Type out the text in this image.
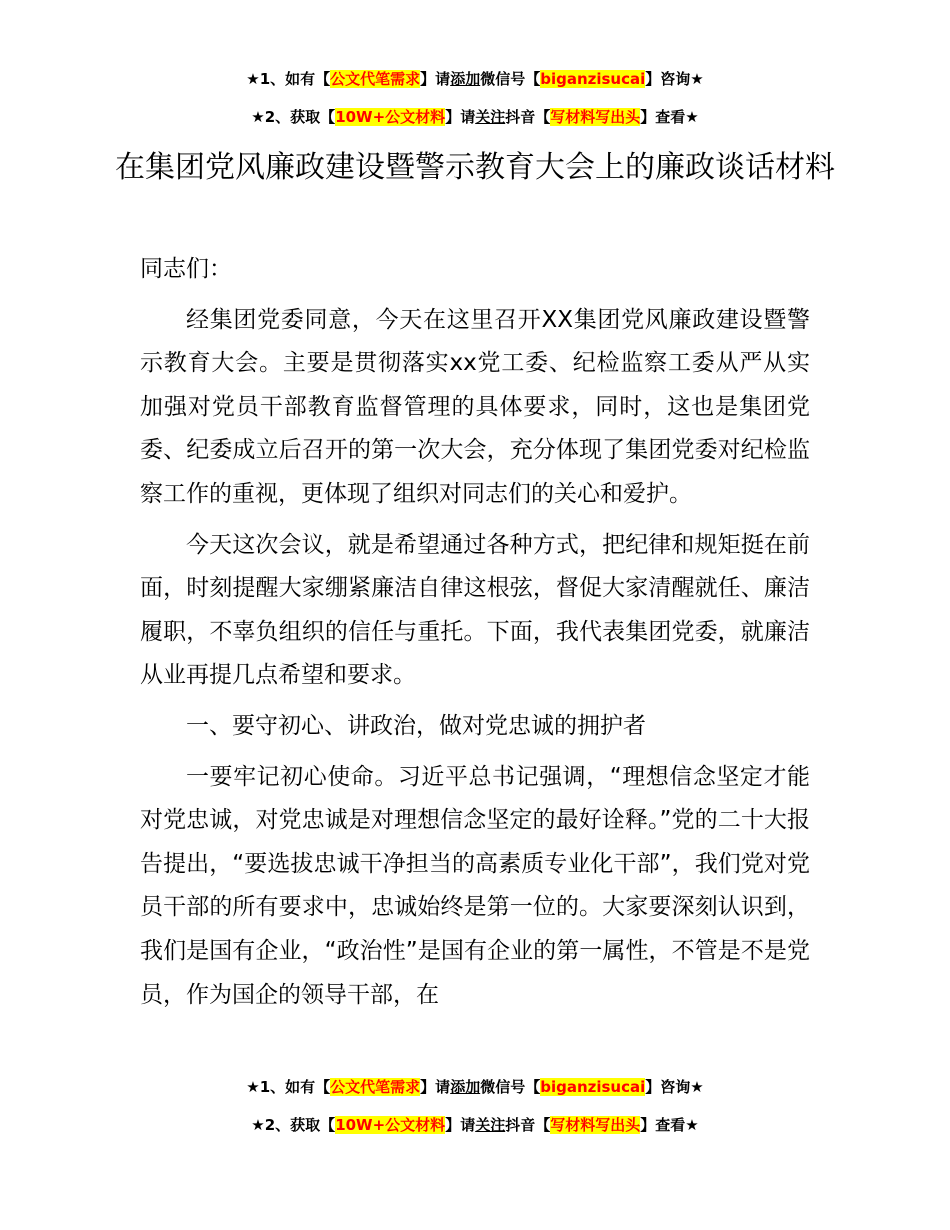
★1、如有【公文代笔需求】请添加微信号【biganzisucai】咨询★
★2、获取【10W+公文材料】请关注抖音【写材料写出头】查看★
在集团党风廉政建设暨警示教育大会上的廉政谈话材料

同志们：

经集团党委同意，今天在这里召开XX集团党风廉政建设暨警示教育大会。主要是贯彻落实xx党工委、纪检监察工委从严从实加强对党员干部教育监督管理的具体要求，同时，这也是集团党委、纪委成立后召开的第一次大会，充分体现了集团党委对纪检监察工作的重视，更体现了组织对同志们的关心和爱护。

今天这次会议，就是希望通过各种方式，把纪律和规矩挺在前面，时刻提醒大家绷紧廉洁自律这根弦，督促大家清醒就任、廉洁履职，不辜负组织的信任与重托。下面，我代表集团党委，就廉洁从业再提几点希望和要求。

一、要守初心、讲政治，做对党忠诚的拥护者

一要牢记初心使命。习近平总书记强调，“理想信念坚定才能对党忠诚，对党忠诚是对理想信念坚定的最好诠释。”党的二十大报告提出，“要选拔忠诚干净担当的高素质专业化干部”，我们党对党员干部的所有要求中，忠诚始终是第一位的。大家要深刻认识到，我们是国有企业，“政治性”是国有企业的第一属性，不管是不是党员，作为国企的领导干部，在

★1、如有【公文代笔需求】请添加微信号【biganzisucai】咨询★
★2、获取【10W+公文材料】请关注抖音【写材料写出头】查看★
